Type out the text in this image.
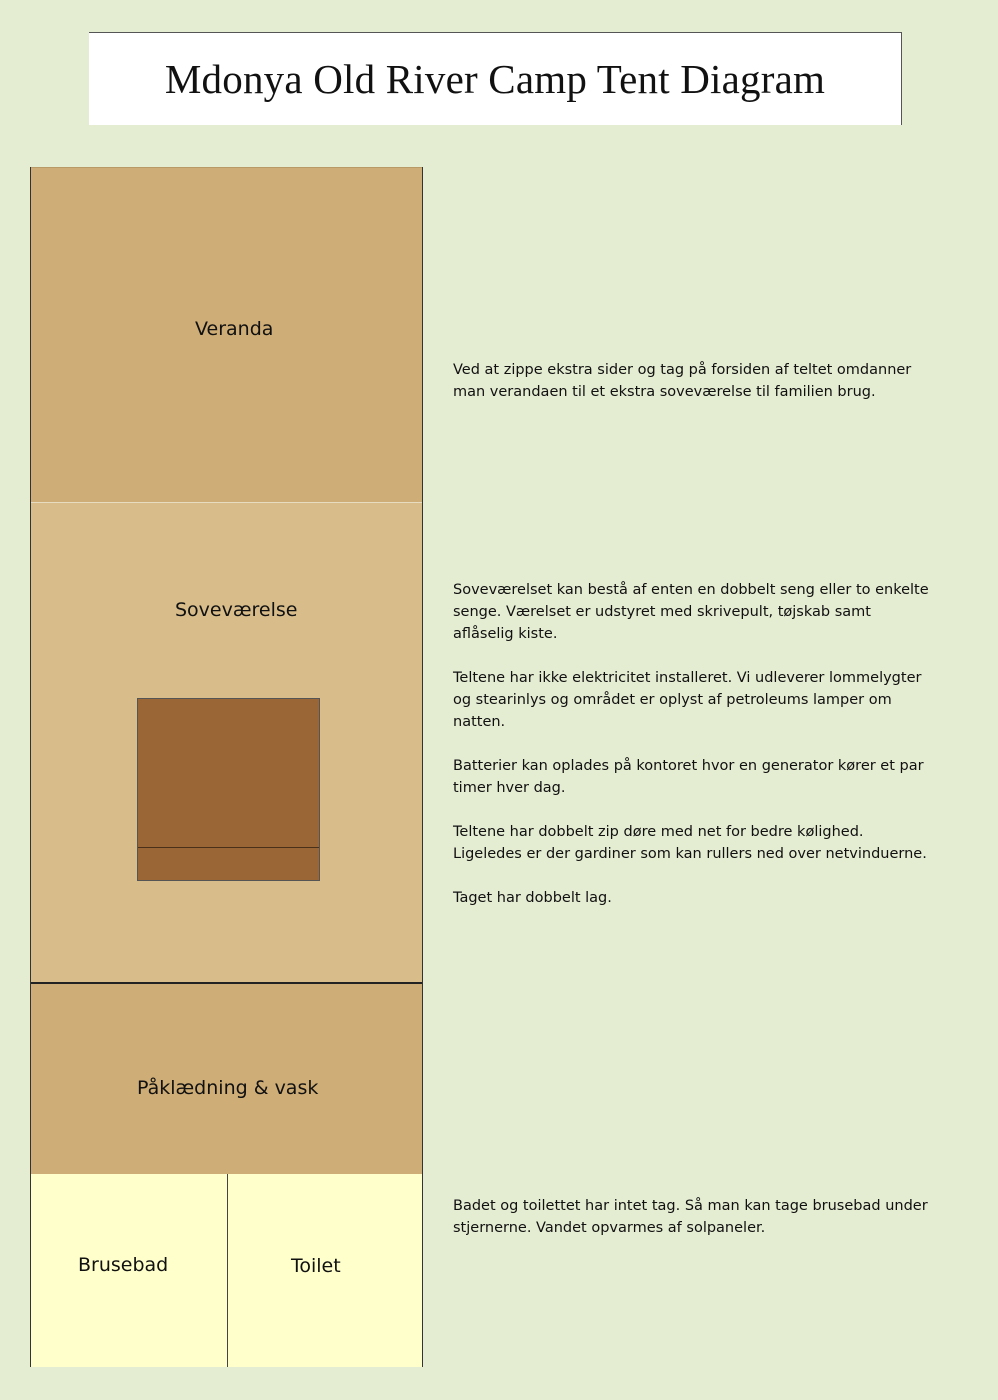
Mdonya Old River Camp Tent Diagram
Veranda
Soveværelse
Påklædning & vask
Brusebad	Toilet

Ved at zippe ekstra sider og tag på forsiden af teltet omdanner man verandaen til et ekstra soveværelse til familien brug.

Soveværelset kan bestå af enten en dobbelt seng eller to enkelte senge. Værelset er udstyret med skrivepult, tøjskab samt aflåselig kiste.

Teltene har ikke elektricitet installeret. Vi udleverer lommelygter og stearinlys og området er oplyst af petroleums lamper om natten.

Batterier kan oplades på kontoret hvor en generator kører et par timer hver dag.

Teltene har dobbelt zip døre med net for bedre kølighed. Ligeledes er der gardiner som kan rullers ned over netvinduerne.

Taget har dobbelt lag.

Badet og toilettet har intet tag. Så man kan tage brusebad under stjernerne. Vandet opvarmes af solpaneler.
